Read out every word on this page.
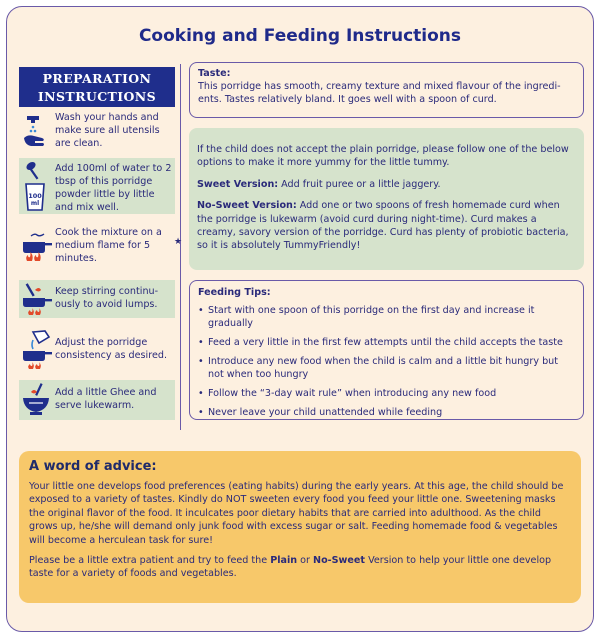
Cooking and Feeding Instructions
PREPARATION
INSTRUCTIONS
Wash your hands and make sure all utensils are clean.
100
ml
Add 100ml of water to 2 tbsp of this porridge powder little by little and mix well.
Cook the mixture on a medium flame for 5 minutes.
Keep stirring continu-ously to avoid lumps.
Adjust the porridge consistency as desired.
Add a little Ghee and serve lukewarm.
★
Taste:
This porridge has smooth, creamy texture and mixed flavour of the ingredi-ents. Tastes relatively bland. It goes well with a spoon of curd.

If the child does not accept the plain porridge, please follow one of the below options to make it more yummy for the little tummy.

Sweet Version: Add fruit puree or a little jaggery.

No-Sweet Version: Add one or two spoons of fresh homemade curd when the porridge is lukewarm (avoid curd during night-time). Curd makes a creamy, savory version of the porridge. Curd has plenty of probiotic bacteria, so it is absolutely TummyFriendly!

Feeding Tips:
• Start with one spoon of this porridge on the first day and increase it gradually
• Feed a very little in the first few attempts until the child accepts the taste
• Introduce any new food when the child is calm and a little bit hungry but not when too hungry
• Follow the “3-day wait rule” when introducing any new food
• Never leave your child unattended while feeding
A word of advice:

Your little one develops food preferences (eating habits) during the early years. At this age, the child should be exposed to a variety of tastes. Kindly do NOT sweeten every food you feed your little one. Sweetening masks the original flavor of the food. It inculcates poor dietary habits that are carried into adulthood. As the child grows up, he/she will demand only junk food with excess sugar or salt. Feeding homemade food & vegetables will become a herculean task for sure!

Please be a little extra patient and try to feed the Plain or No-Sweet Version to help your little one develop taste for a variety of foods and vegetables.
